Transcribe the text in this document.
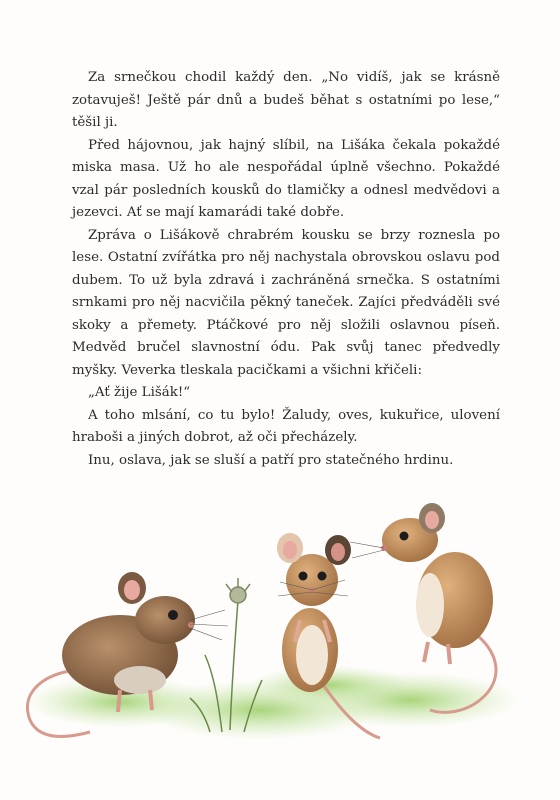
Za srnečkou chodil každý den. „No vidíš, jak se krásně zotavuješ! Ještě pár dnů a budeš běhat s ostatními po lese,“ těšil ji.

Před hájovnou, jak hajný slíbil, na Lišáka čekala pokaždé miska masa. Už ho ale nespořádal úplně všechno. Pokaždé vzal pár posledních kousků do tlamičky a odnesl medvědovi a jezevci. Ať se mají kamarádi také dobře.

Zpráva o Lišákově chrabrém kousku se brzy roznesla po lese. Ostatní zvířátka pro něj nachystala obrovskou oslavu pod dubem. To už byla zdravá i zachráněná srnečka. S ostatními srnkami pro něj nacvičila pěkný taneček. Zajíci předváděli své skoky a přemety. Ptáčkové pro něj složili oslavnou píseň. Medvěd bručel slavnostní ódu. Pak svůj tanec předvedly myšky. Veverka tleskala pacičkami a všichni křičeli:

„Ať žije Lišák!“

A toho mlsání, co tu bylo! Žaludy, oves, kukuřice, ulovení hraboši a jiných dobrot, až oči přecházely.

Inu, oslava, jak se sluší a patří pro statečného hrdinu.
